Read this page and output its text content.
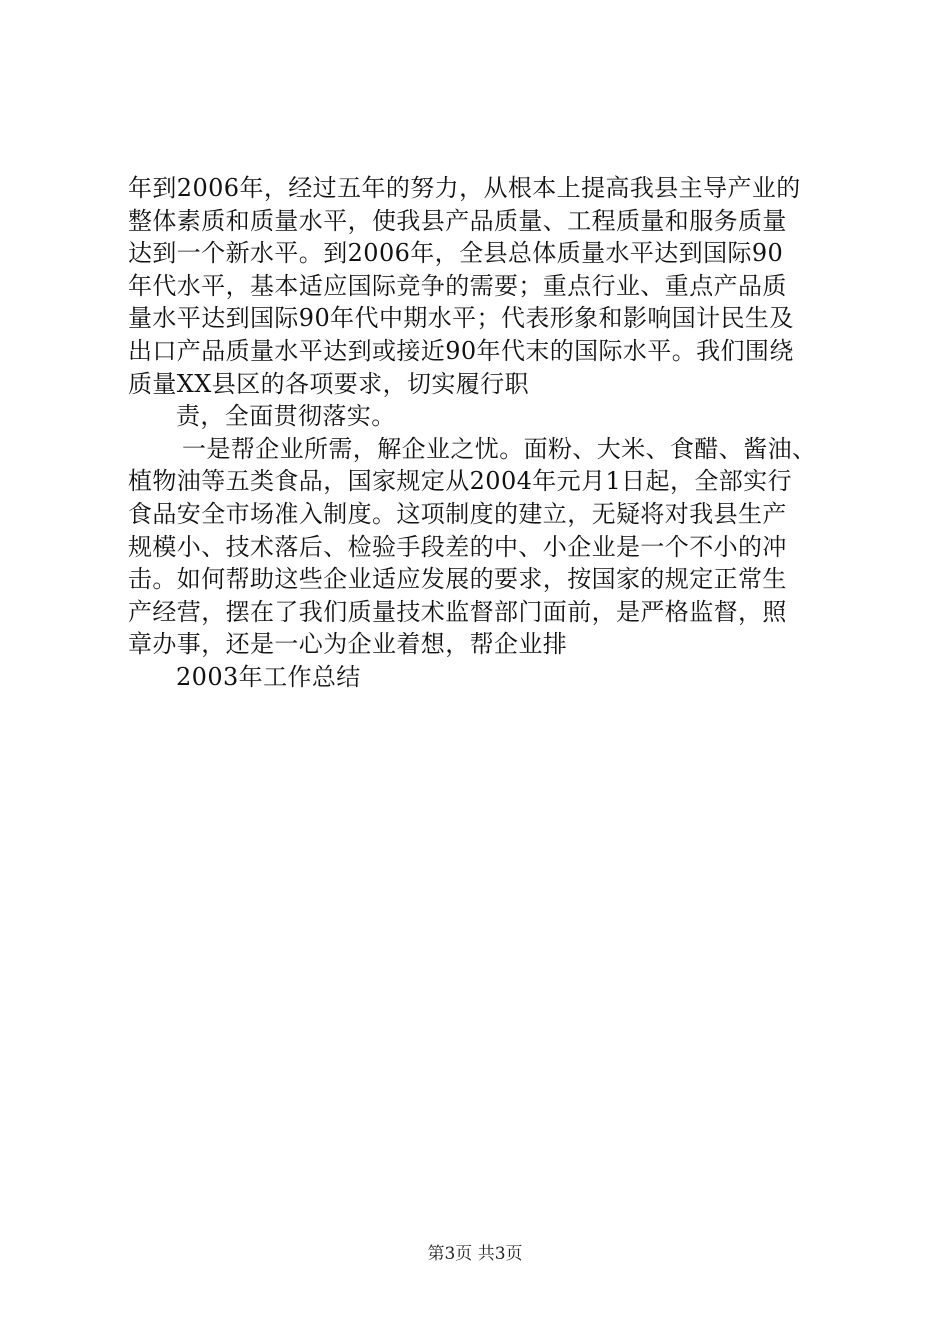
年到2006年，经过五年的努力，从根本上提高我县主导产业的
整体素质和质量水平，使我县产品质量、工程质量和服务质量
达到一个新水平。到2006年，全县总体质量水平达到国际90
年代水平，基本适应国际竞争的需要；重点行业、重点产品质
量水平达到国际90年代中期水平；代表形象和影响国计民生及
出口产品质量水平达到或接近90年代末的国际水平。我们围绕
质量XX县区的各项要求，切实履行职
责，全面贯彻落实。
一是帮企业所需，解企业之忧。面粉、大米、食醋、酱油、
植物油等五类食品，国家规定从2004年元月1日起，全部实行
食品安全市场准入制度。这项制度的建立，无疑将对我县生产
规模小、技术落后、检验手段差的中、小企业是一个不小的冲
击。如何帮助这些企业适应发展的要求，按国家的规定正常生
产经营，摆在了我们质量技术监督部门面前，是严格监督，照
章办事，还是一心为企业着想，帮企业排
2003年工作总结
第3页 共3页
